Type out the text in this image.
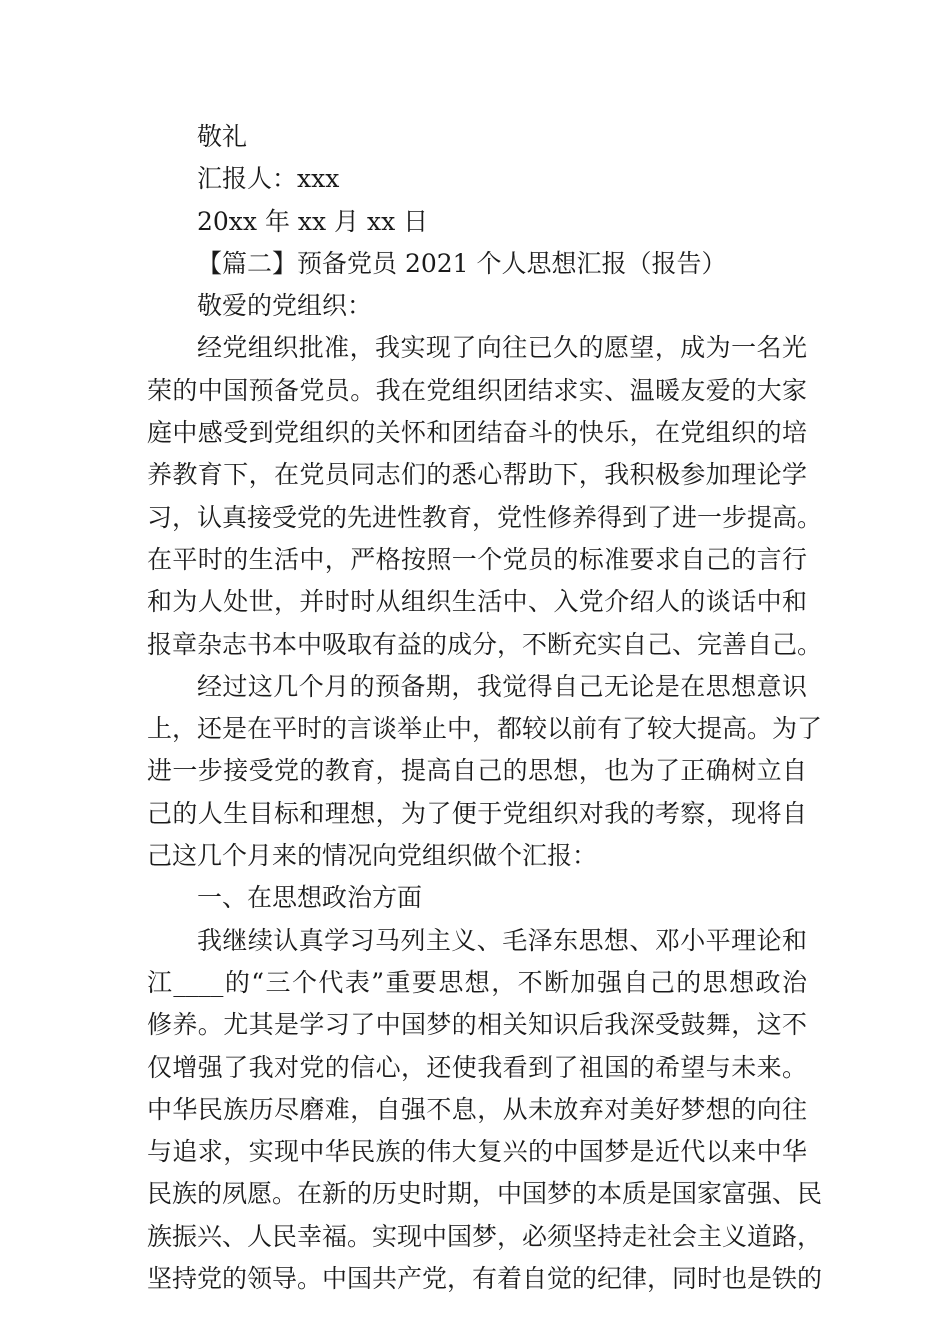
敬礼
汇报人：xxx
20xx 年 xx 月 xx 日
【篇二】预备党员 2021 个人思想汇报（报告）
敬爱的党组织：
经党组织批准，我实现了向往已久的愿望，成为一名光
荣的中国预备党员。我在党组织团结求实、温暖友爱的大家
庭中感受到党组织的关怀和团结奋斗的快乐，在党组织的培
养教育下，在党员同志们的悉心帮助下，我积极参加理论学
习，认真接受党的先进性教育，党性修养得到了进一步提高。
在平时的生活中，严格按照一个党员的标准要求自己的言行
和为人处世，并时时从组织生活中、入党介绍人的谈话中和
报章杂志书本中吸取有益的成分，不断充实自己、完善自己。
经过这几个月的预备期，我觉得自己无论是在思想意识
上，还是在平时的言谈举止中，都较以前有了较大提高。为了
进一步接受党的教育，提高自己的思想，也为了正确树立自
己的人生目标和理想，为了便于党组织对我的考察，现将自
己这几个月来的情况向党组织做个汇报：
一、在思想政治方面
我继续认真学习马列主义、毛泽东思想、邓小平理论和
江____的“三个代表”重要思想，不断加强自己的思想政治
修养。尤其是学习了中国梦的相关知识后我深受鼓舞，这不
仅增强了我对党的信心，还使我看到了祖国的希望与未来。
中华民族历尽磨难，自强不息，从未放弃对美好梦想的向往
与追求，实现中华民族的伟大复兴的中国梦是近代以来中华
民族的夙愿。在新的历史时期，中国梦的本质是国家富强、民
族振兴、人民幸福。实现中国梦，必须坚持走社会主义道路，
坚持党的领导。中国共产党，有着自觉的纪律，同时也是铁的
